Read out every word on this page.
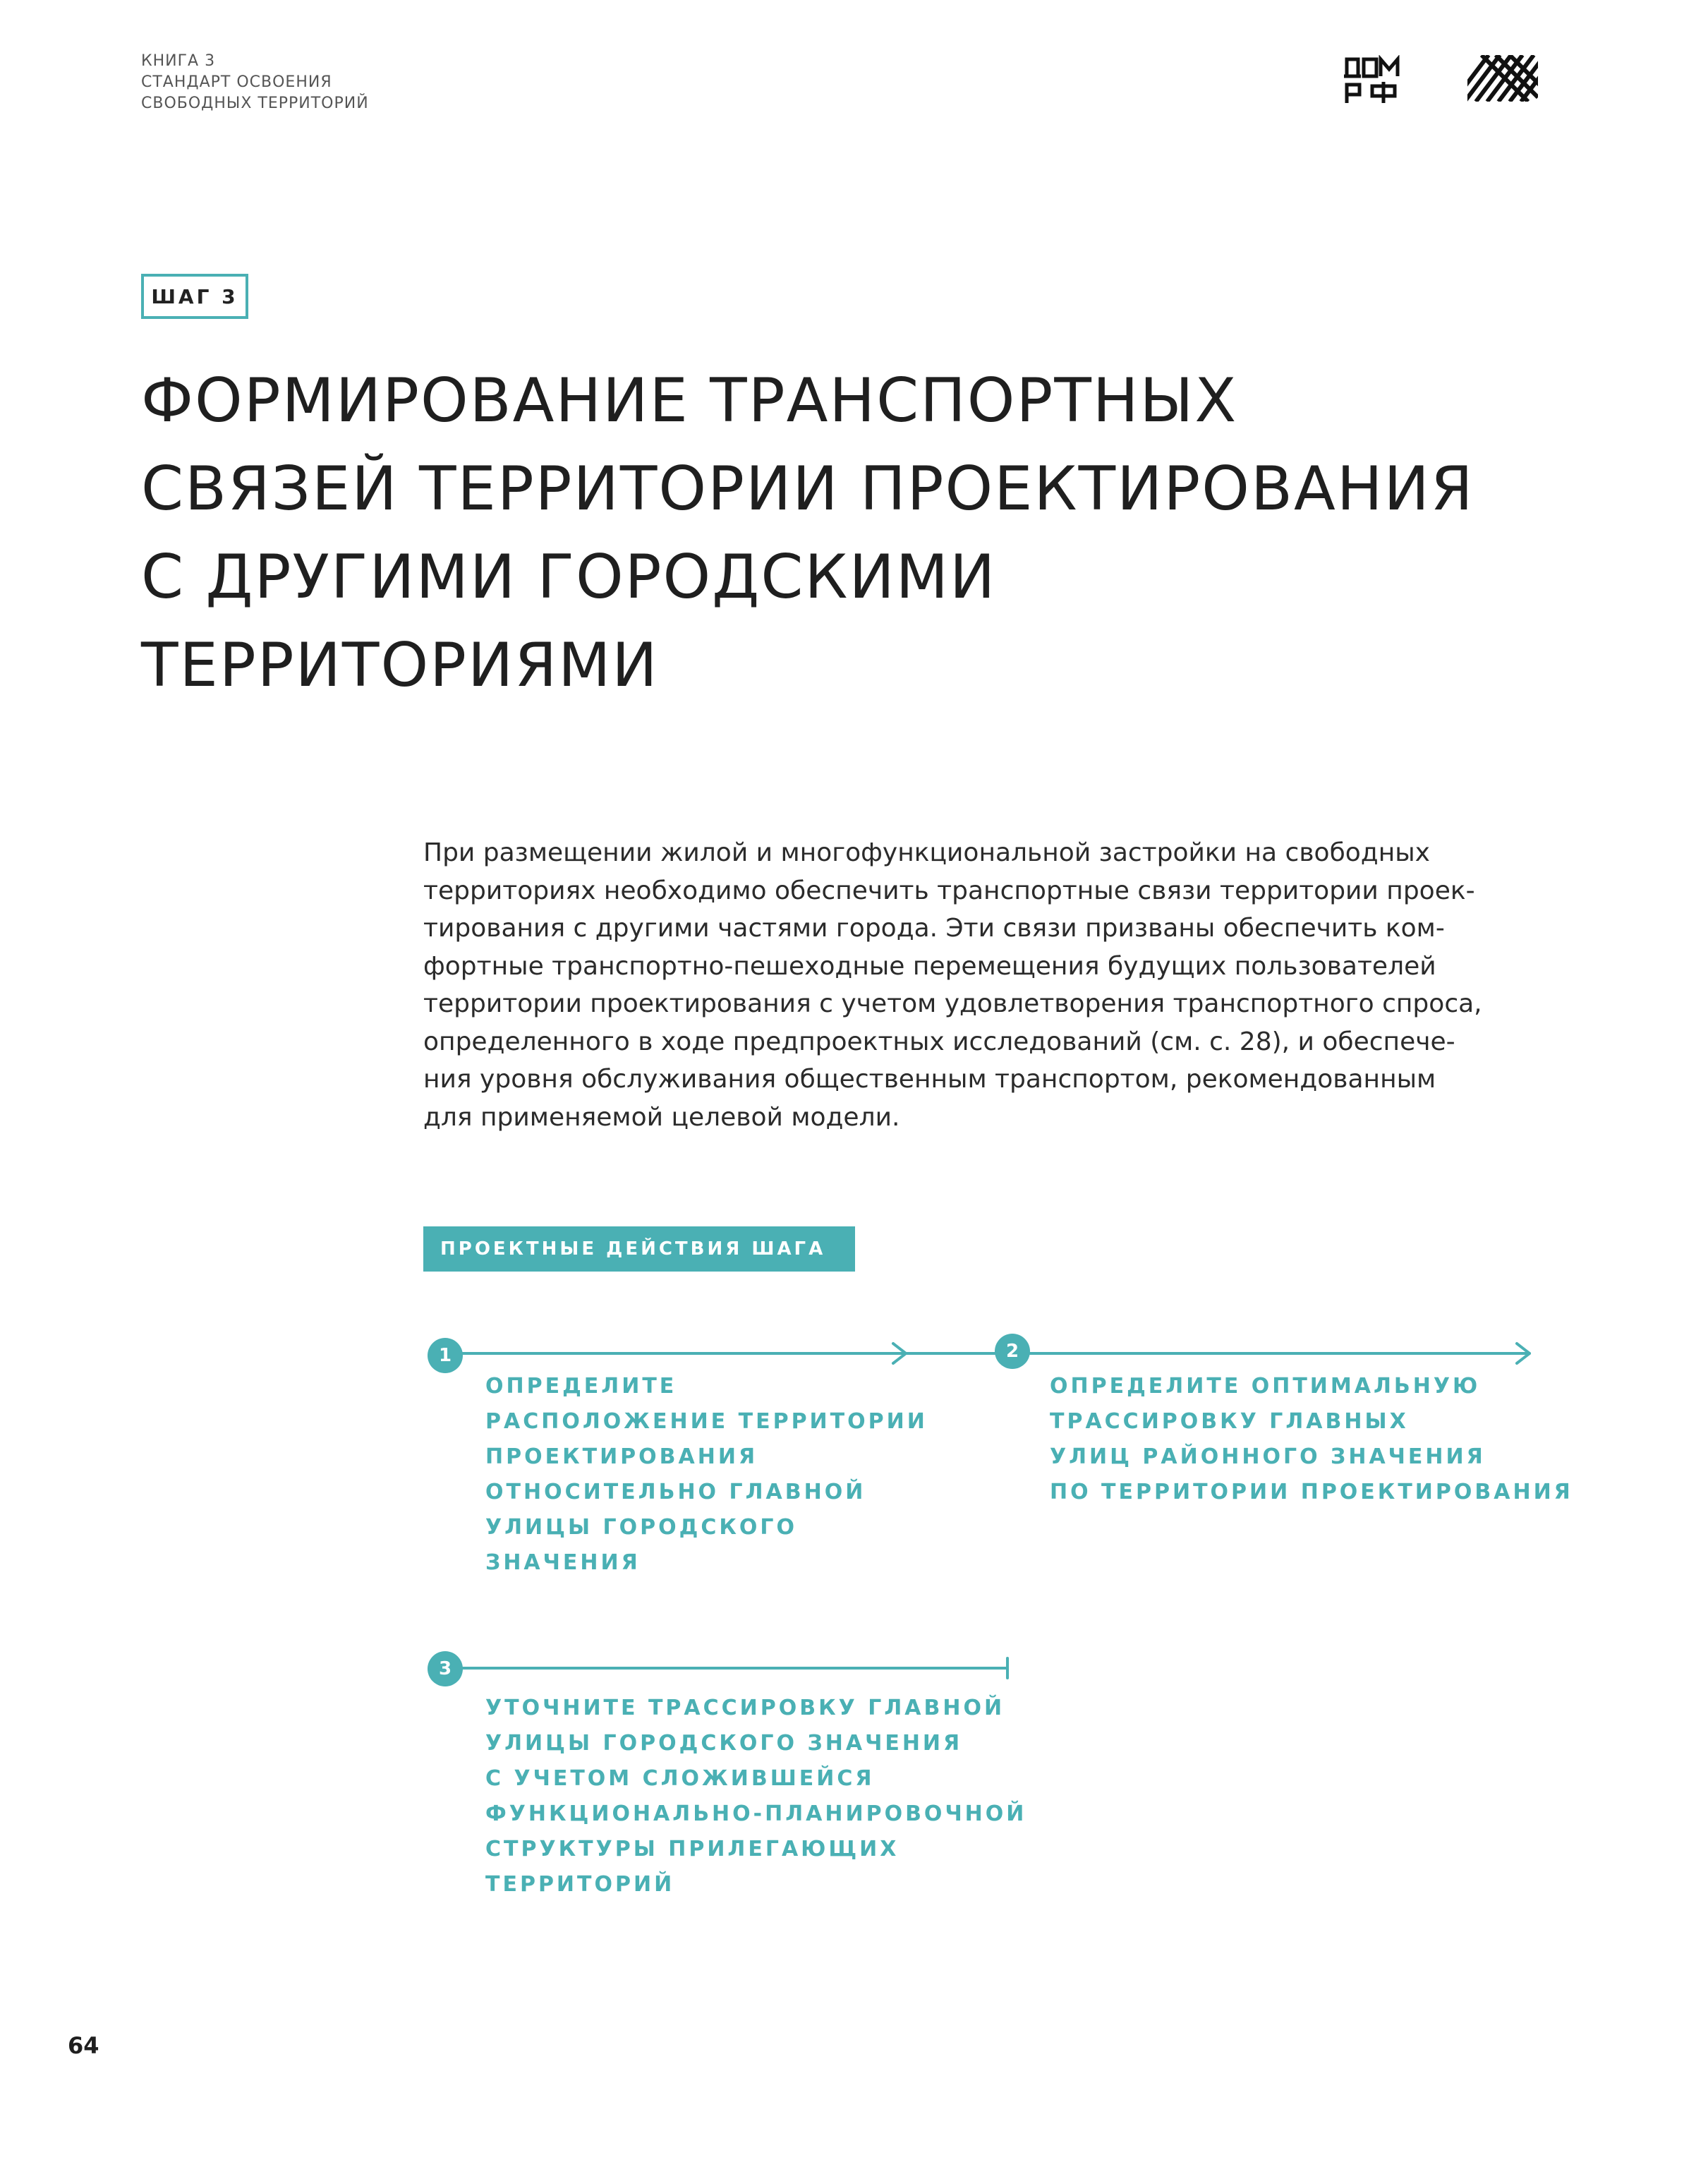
КНИГА 3
СТАНДАРТ ОСВОЕНИЯ
СВОБОДНЫХ ТЕРРИТОРИЙ
ШАГ 3
ФОРМИРОВАНИЕ ТРАНСПОРТНЫХ
СВЯЗЕЙ ТЕРРИТОРИИ ПРОЕКТИРОВАНИЯ
С ДРУГИМИ ГОРОДСКИМИ
ТЕРРИТОРИЯМИ
При размещении жилой и многофункциональной застройки на свободных
территориях необходимо обеспечить транспортные связи территории проек-
тирования с другими частями города. Эти связи призваны обеспечить ком-
фортные транспортно-пешеходные перемещения будущих пользователей
территории проектирования с учетом удовлетворения транспортного спроса,
определенного в ходе предпроектных исследований (см. с. 28), и обеспече-
ния уровня обслуживания общественным транспортом, рекомендованным
для применяемой целевой модели.
ПРОЕКТНЫЕ ДЕЙСТВИЯ ШАГА
1	2
3
ОПРЕДЕЛИТЕ
РАСПОЛОЖЕНИЕ ТЕРРИТОРИИ
ПРОЕКТИРОВАНИЯ
ОТНОСИТЕЛЬНО ГЛАВНОЙ
УЛИЦЫ ГОРОДСКОГО
ЗНАЧЕНИЯ
ОПРЕДЕЛИТЕ ОПТИМАЛЬНУЮ
ТРАССИРОВКУ ГЛАВНЫХ
УЛИЦ РАЙОННОГО ЗНАЧЕНИЯ
ПО ТЕРРИТОРИИ ПРОЕКТИРОВАНИЯ
УТОЧНИТЕ ТРАССИРОВКУ ГЛАВНОЙ
УЛИЦЫ ГОРОДСКОГО ЗНАЧЕНИЯ
С УЧЕТОМ СЛОЖИВШЕЙСЯ
ФУНКЦИОНАЛЬНО-ПЛАНИРОВОЧНОЙ
СТРУКТУРЫ ПРИЛЕГАЮЩИХ
ТЕРРИТОРИЙ
64
